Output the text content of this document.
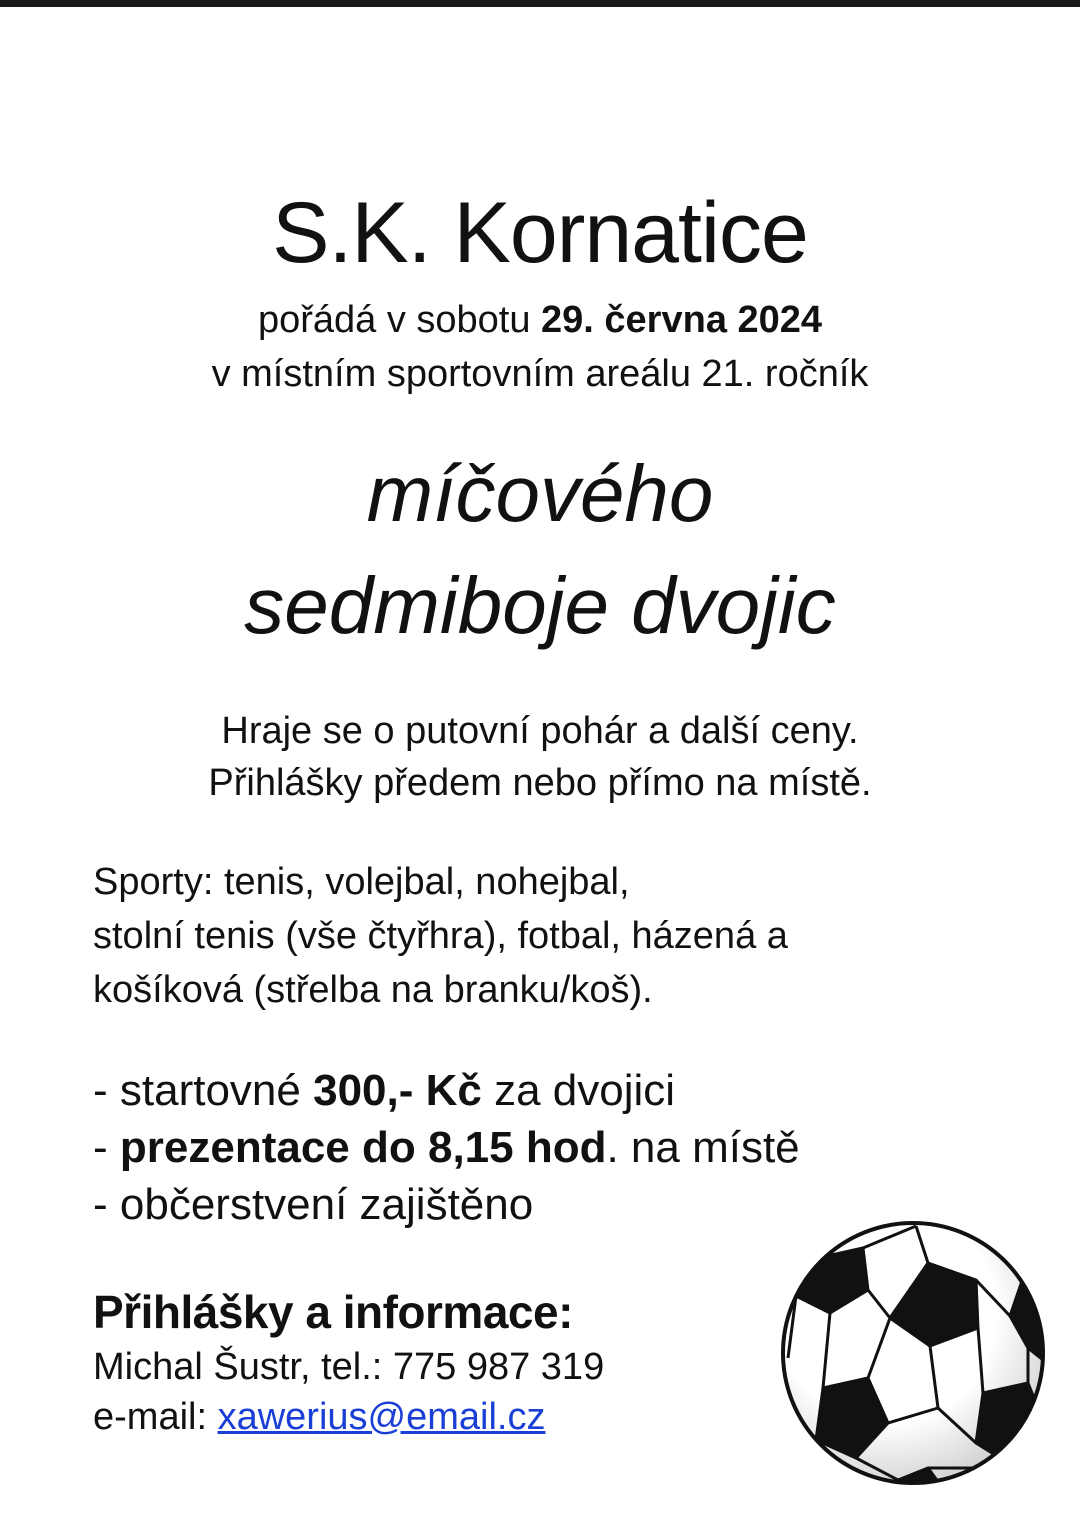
S.K. Kornatice
pořádá v sobotu 29. června 2024
v místním sportovním areálu 21. ročník
míčového
sedmiboje dvojic
Hraje se o putovní pohár a další ceny.
Přihlášky předem nebo přímo na místě.

Sporty: tenis, volejbal, nohejbal,

stolní tenis (vše čtyřhra), fotbal, házená a

košíková (střelba na branku/koš).

- startovné 300,- Kč za dvojici

- prezentace do 8,15 hod. na místě

- občerstvení zajištěno

Přihlášky a informace:
Michal Šustr, tel.: 775 987 319
e-mail: xawerius@email.cz
